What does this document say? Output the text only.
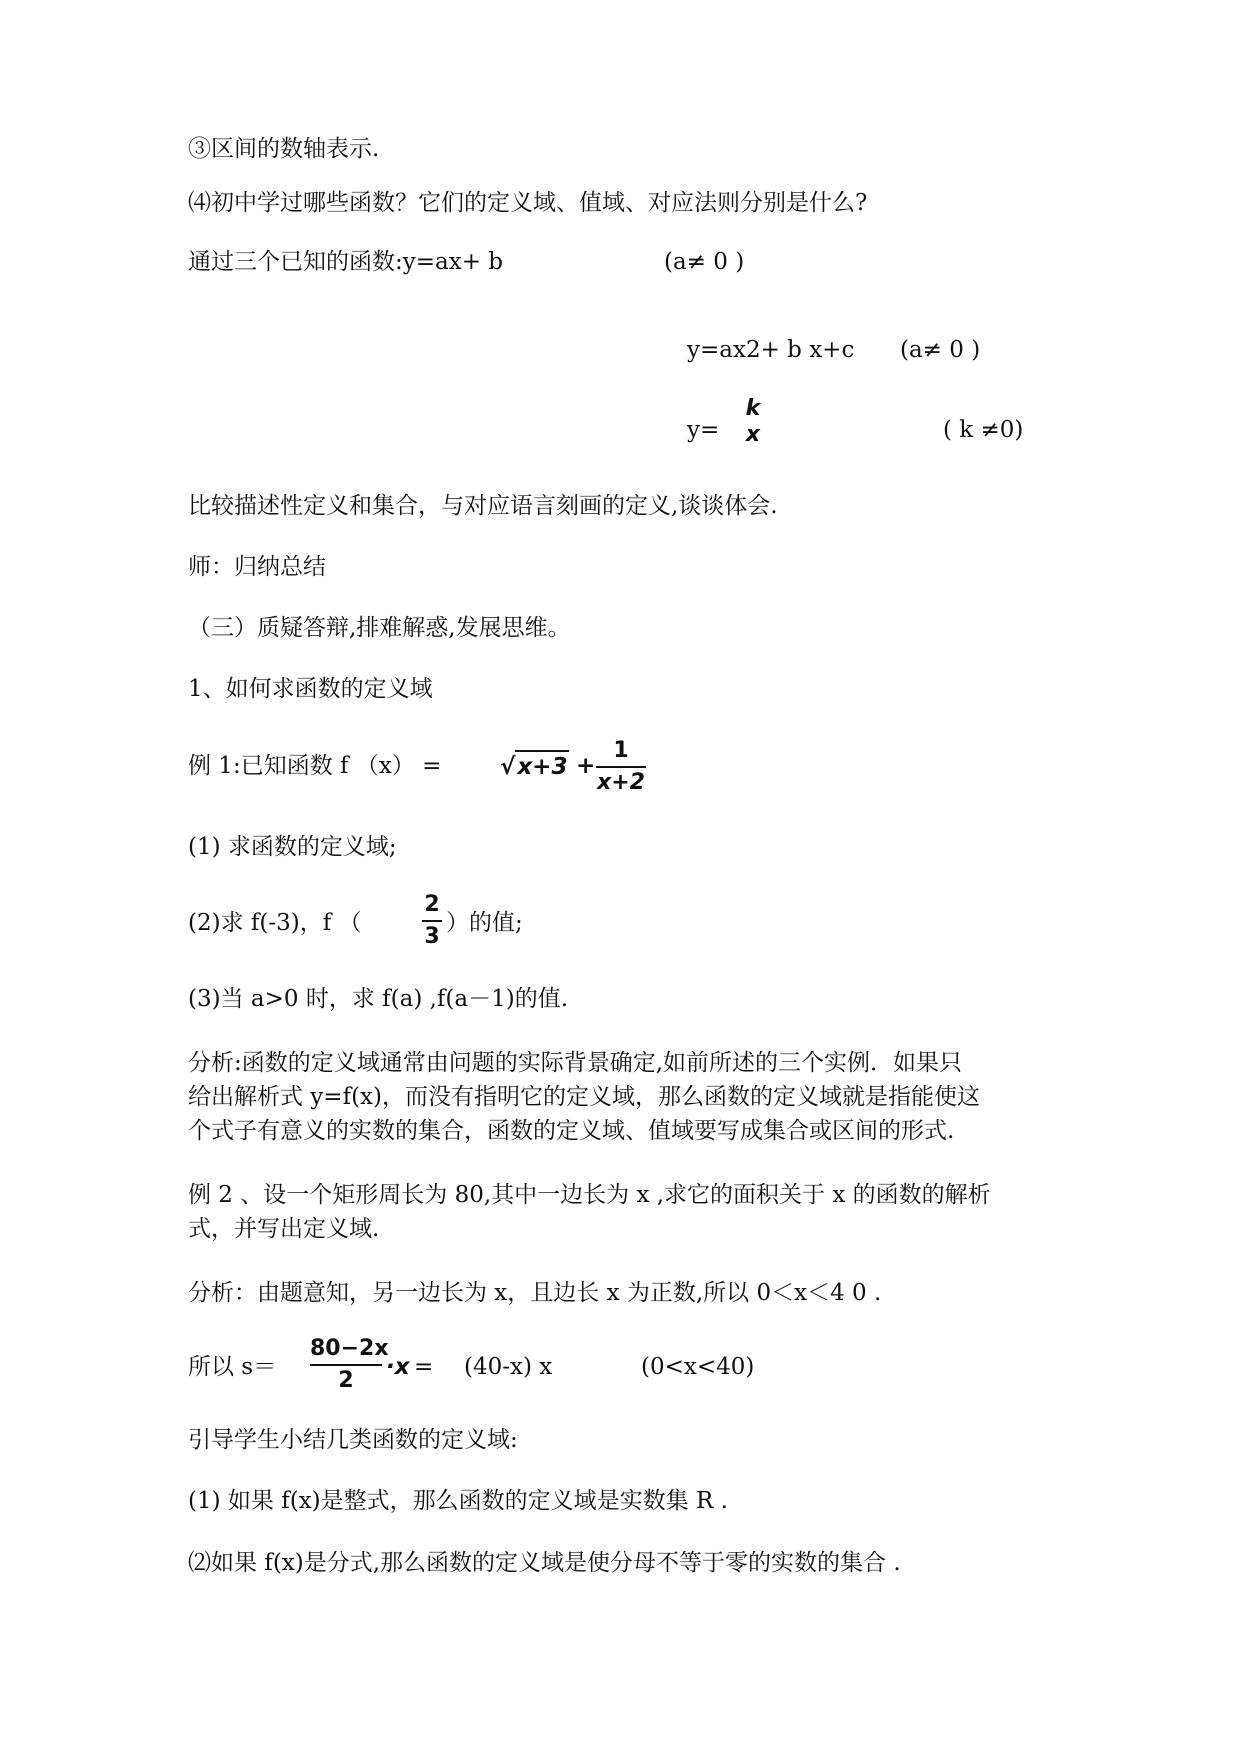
③区间的数轴表示.

⑷初中学过哪些函数？它们的定义域、值域、对应法则分别是什么?

通过三个已知的函数:y=ax+ b	(a≠ 0 )

y=ax2+ b x+c (a≠ 0 )

y=

k
x	( k ≠0)

比较描述性定义和集合，与对应语言刻画的定义,谈谈体会.

师：归纳总结

（三）质疑答辩,排难解惑,发展思维。

1、如何求函数的定义域

例 1:已知函数 f （x） =	√x+3 +
1
x+2

(1) 求函数的定义域;

(2)求 f(-3)，f （

2
3

）的值;

(3)当 a>0 时，求 f(a) ,f(a－1)的值.

分析:函数的定义域通常由问题的实际背景确定,如前所述的三个实例．如果只

给出解析式 y=f(x)，而没有指明它的定义域，那么函数的定义域就是指能使这

个式子有意义的实数的集合，函数的定义域、值域要写成集合或区间的形式.

例 2 、设一个矩形周长为 80,其中一边长为 x ,求它的面积关于 x 的函数的解析

式，并写出定义域.

分析：由题意知，另一边长为 x，且边长 x 为正数,所以 0＜x＜4 0 .

所以 s＝

80−2x
2
·x = (40-x) x	(0<x<40)

引导学生小结几类函数的定义域:

(1) 如果 f(x)是整式，那么函数的定义域是实数集 R .

⑵如果 f(x)是分式,那么函数的定义域是使分母不等于零的实数的集合 .
